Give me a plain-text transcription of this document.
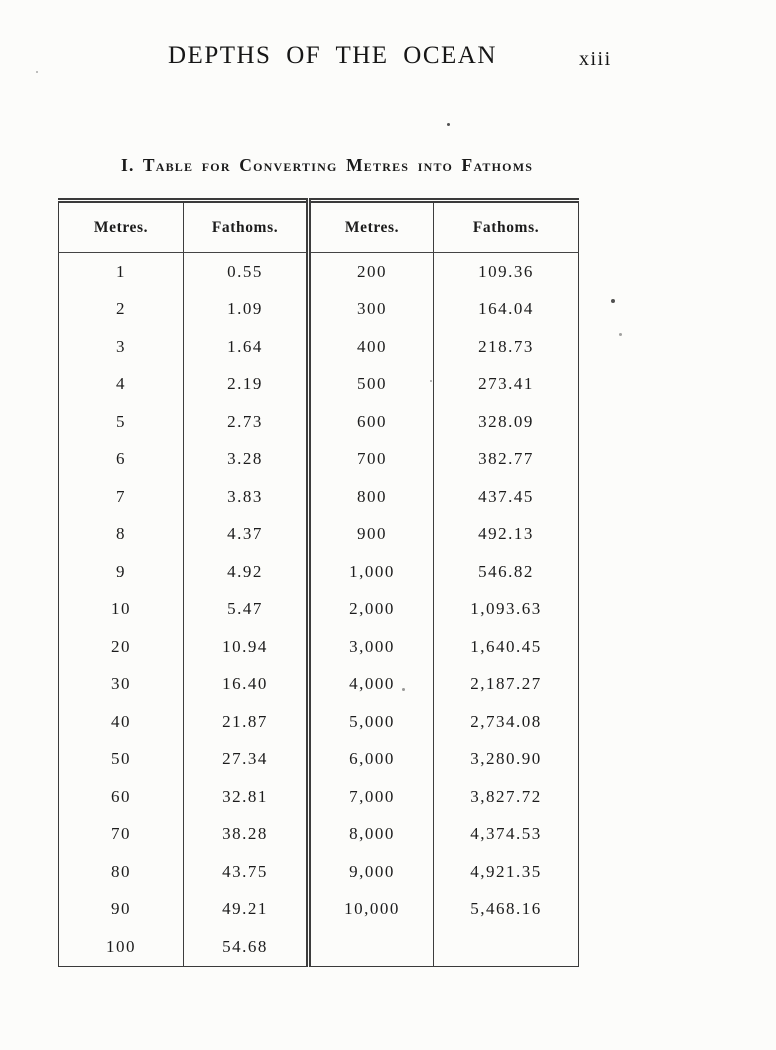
DEPTHS OF THE OCEAN	xiii
I. Table for Converting Metres into Fathoms
Metres.	Fathoms.	Metres.	Fathoms.
1	0.55	200	109.36
2	1.09	300	164.04
3	1.64	400	218.73
4	2.19	500	273.41
5	2.73	600	328.09
6	3.28	700	382.77
7	3.83	800	437.45
8	4.37	900	492.13
9	4.92	1,000	546.82
10	5.47	2,000	1,093.63
20	10.94	3,000	1,640.45
30	16.40	4,000	2,187.27
40	21.87	5,000	2,734.08
50	27.34	6,000	3,280.90
60	32.81	7,000	3,827.72
70	38.28	8,000	4,374.53
80	43.75	9,000	4,921.35
90	49.21	10,000	5,468.16
100	54.68		
